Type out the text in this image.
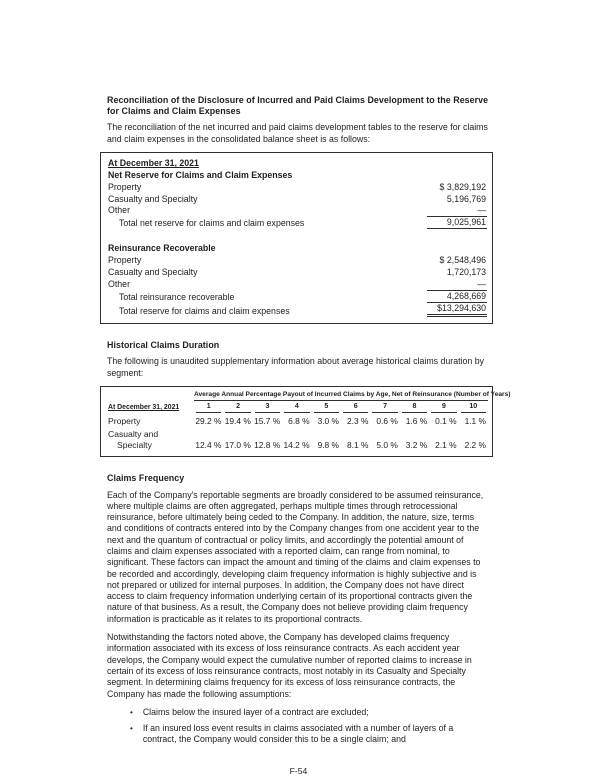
Reconciliation of the Disclosure of Incurred and Paid Claims Development to the Reserve for Claims and Claim Expenses

The reconciliation of the net incurred and paid claims development tables to the reserve for claims and claim expenses in the consolidated balance sheet is as follows:

At December 31, 2021
Net Reserve for Claims and Claim Expenses
Property	$ 3,829,192
Casualty and Specialty	5,196,769
Other	—
Total net reserve for claims and claim expenses	9,025,961
Reinsurance Recoverable
Property	$ 2,548,496
Casualty and Specialty	1,720,173
Other	—
Total reinsurance recoverable	4,268,669
Total reserve for claims and claim expenses	$13,294,630
Historical Claims Duration

The following is unaudited supplementary information about average historical claims duration by segment:

Average Annual Percentage Payout of Incurred Claims by Age, Net of Reinsurance (Number of Years)
At December 31, 2021	1	2	3	4	5	6	7	8	9	10
Property	29.2 % 19.4 % 15.7 % 6.8 % 3.0 % 2.3 % 0.6 % 1.6 % 0.1 % 1.1 %
Casualty and Specialty	12.4 % 17.0 % 12.8 % 14.2 % 9.8 % 8.1 % 5.0 % 3.2 % 2.1 % 2.2 %
Claims Frequency

Each of the Company's reportable segments are broadly considered to be assumed reinsurance, where multiple claims are often aggregated, perhaps multiple times through retrocessional reinsurance, before ultimately being ceded to the Company. In addition, the nature, size, terms and conditions of contracts entered into by the Company changes from one accident year to the next and the quantum of contractual or policy limits, and accordingly the potential amount of claims and claim expenses associated with a reported claim, can range from nominal, to significant. These factors can impact the amount and timing of the claims and claim expenses to be recorded and accordingly, developing claim frequency information is highly subjective and is not prepared or utilized for internal purposes. In addition, the Company does not have direct access to claim frequency information underlying certain of its proportional contracts given the nature of that business. As a result, the Company does not believe providing claim frequency information is practicable as it relates to its proportional contracts.

Notwithstanding the factors noted above, the Company has developed claims frequency information associated with its excess of loss reinsurance contracts. As each accident year develops, the Company would expect the cumulative number of reported claims to increase in certain of its excess of loss reinsurance contracts, most notably in its Casualty and Specialty segment. In determining claims frequency for its excess of loss reinsurance contracts, the Company has made the following assumptions:

• Claims below the insured layer of a contract are excluded;
• If an insured loss event results in claims associated with a number of layers of a contract, the Company would consider this to be a single claim; and
F-54
